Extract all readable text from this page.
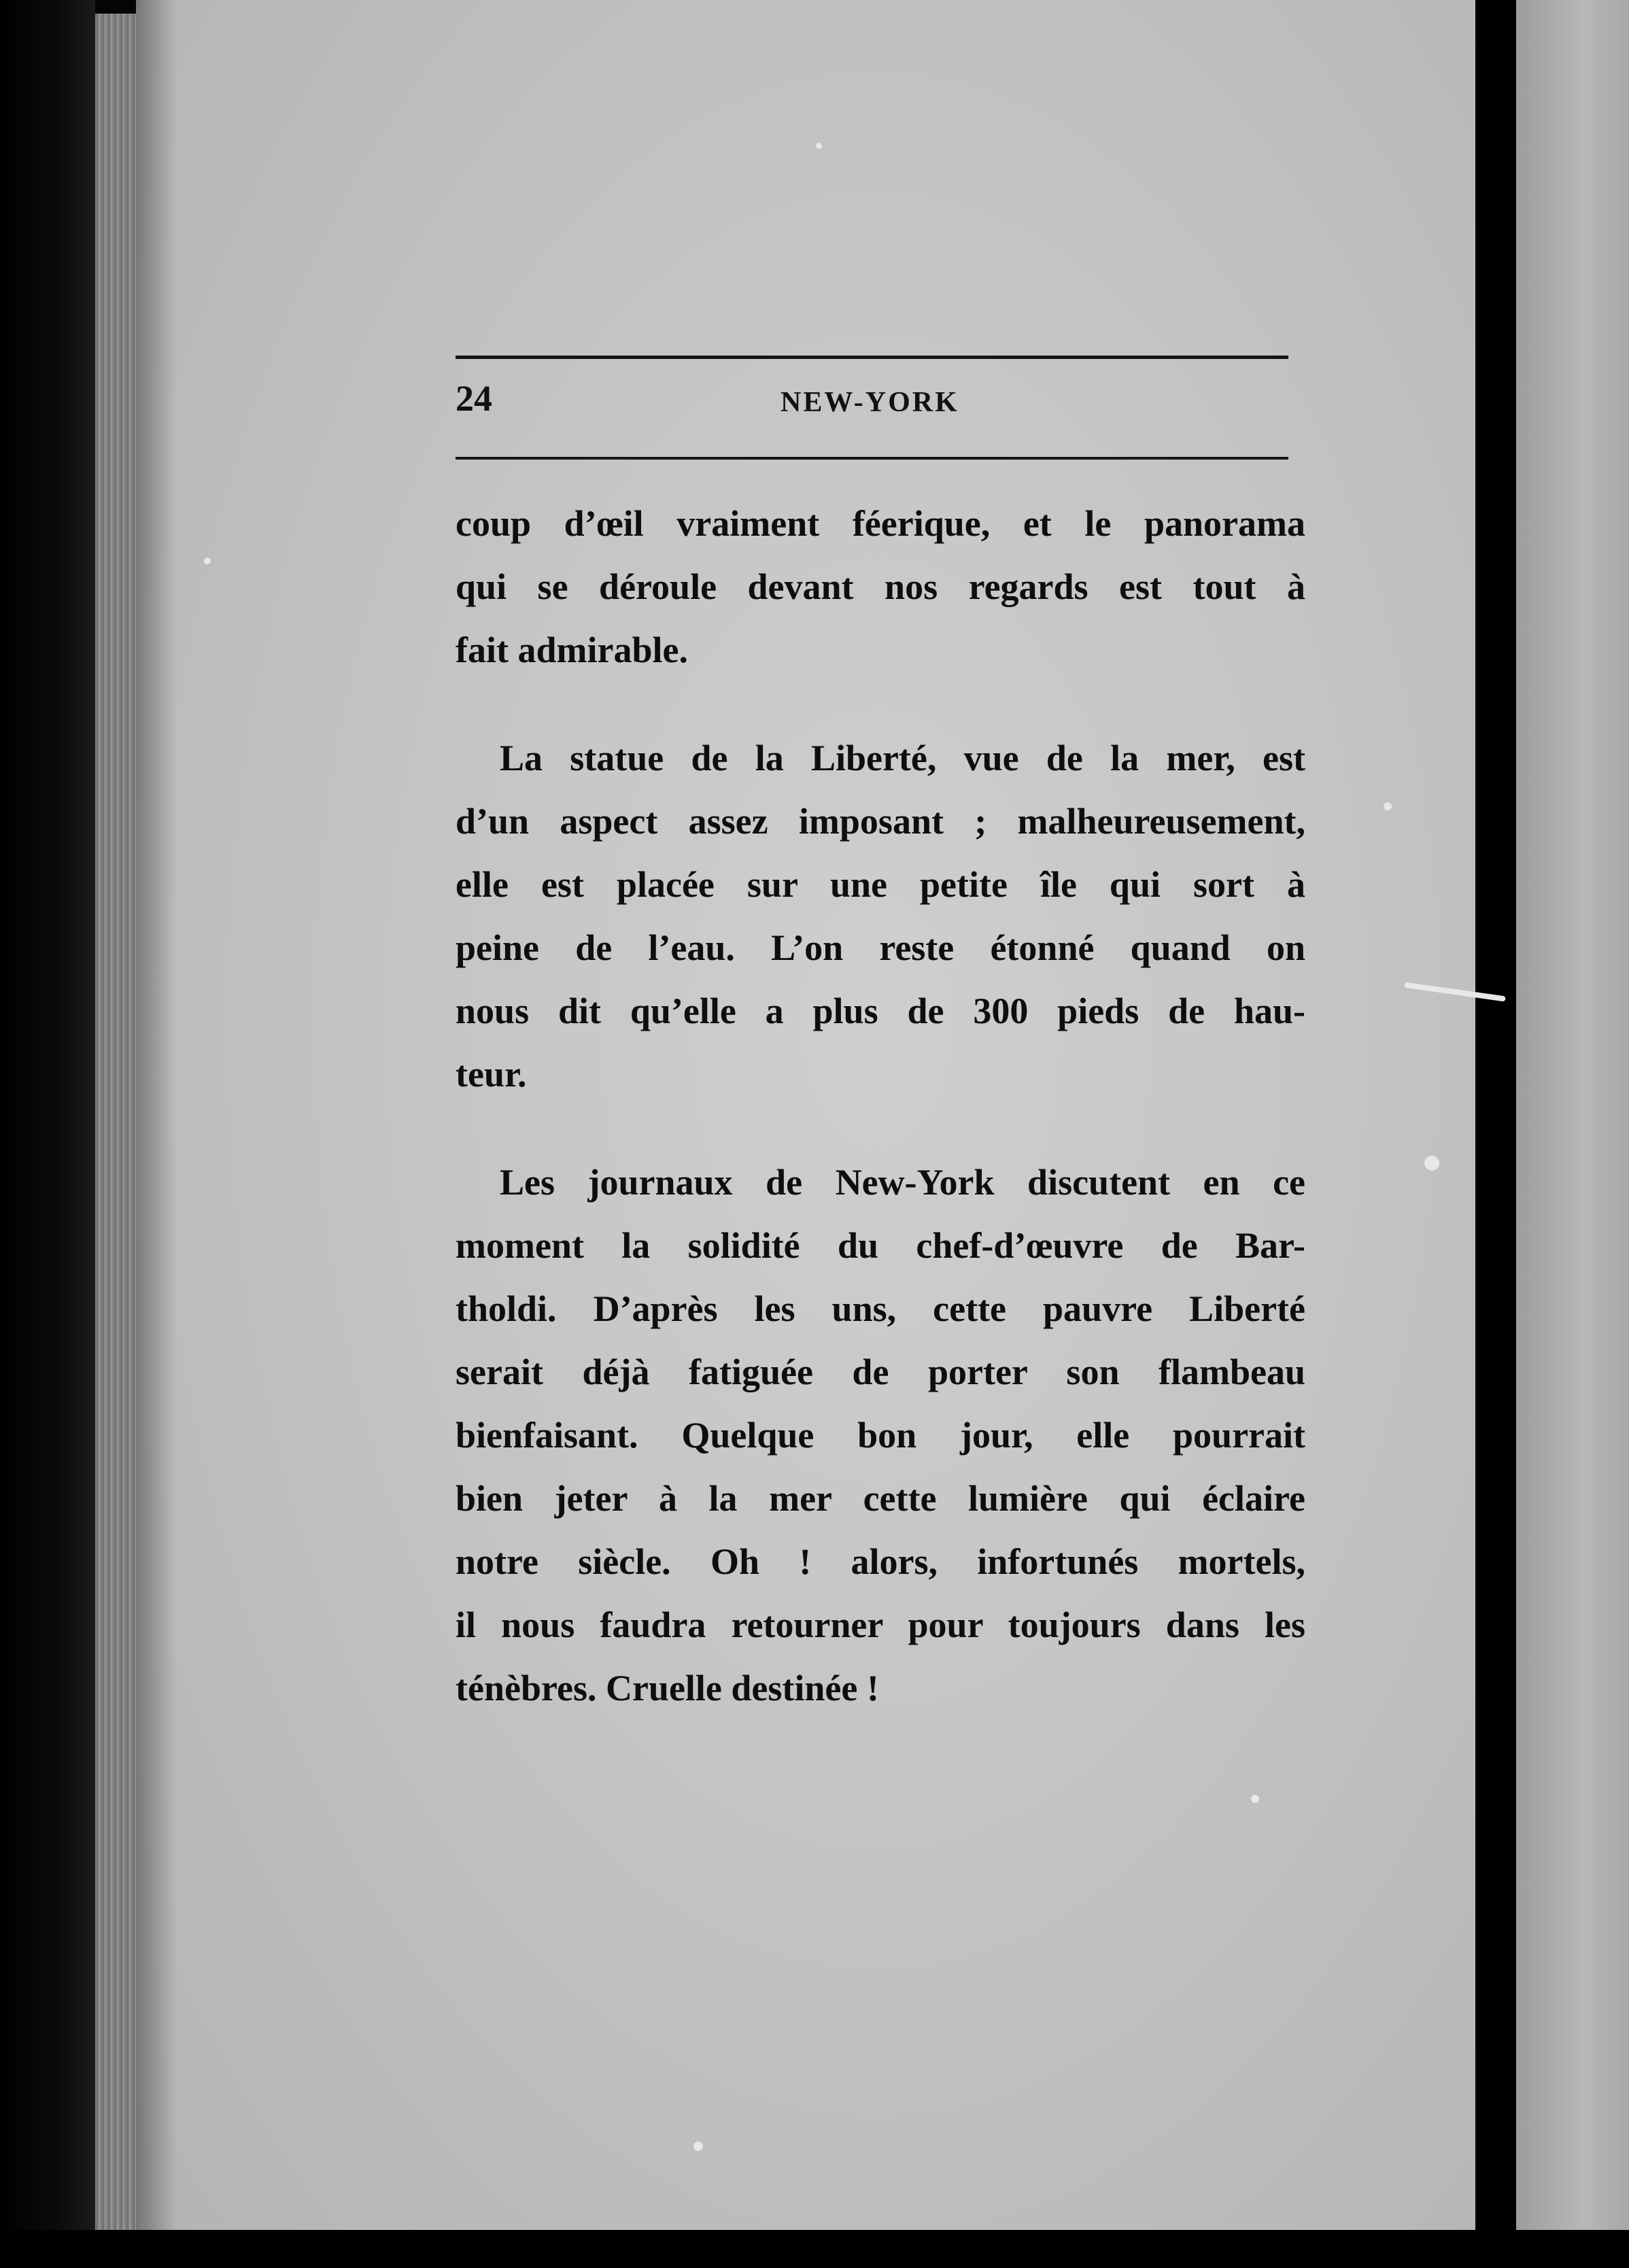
24	NEW-YORK
coup d’œil vraiment féerique, et le panorama
qui se déroule devant nos regards est tout à
fait admirable.
La statue de la Liberté, vue de la mer, est
d’un aspect assez imposant ; malheureusement,
elle est placée sur une petite île qui sort à
peine de l’eau. L’on reste étonné quand on
nous dit qu’elle a plus de 300 pieds de hau-
teur.
Les journaux de New-York discutent en ce
moment la solidité du chef-d’œuvre de Bar-
tholdi. D’après les uns, cette pauvre Liberté
serait déjà fatiguée de porter son flambeau
bienfaisant. Quelque bon jour, elle pourrait
bien jeter à la mer cette lumière qui éclaire
notre siècle. Oh ! alors, infortunés mortels,
il nous faudra retourner pour toujours dans les
ténèbres. Cruelle destinée !
